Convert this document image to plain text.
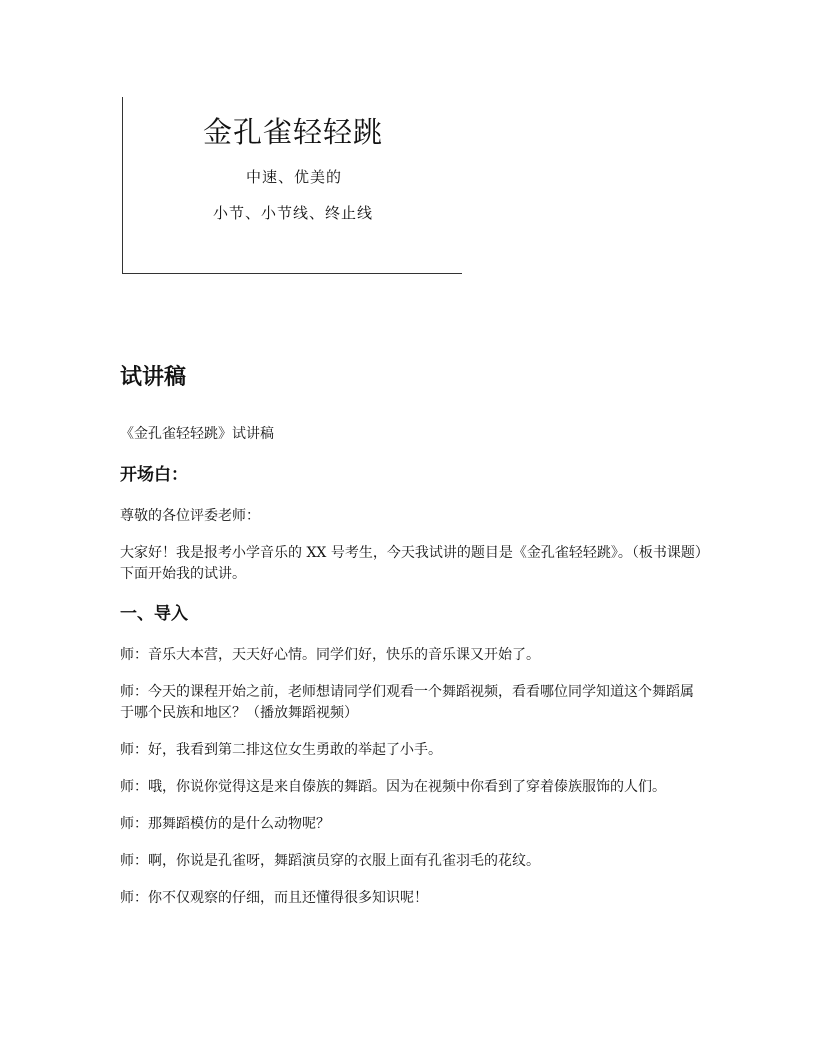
金孔雀轻轻跳
中速、优美的
小节、小节线、终止线
试讲稿
《金孔雀轻轻跳》试讲稿
开场白：
尊敬的各位评委老师：
大家好！我是报考小学音乐的 XX 号考生，今天我试讲的题目是《金孔雀轻轻跳》。（板书课题）下面开始我的试讲。
一、导入
师：音乐大本营，天天好心情。同学们好，快乐的音乐课又开始了。
师：今天的课程开始之前，老师想请同学们观看一个舞蹈视频，看看哪位同学知道这个舞蹈属于哪个民族和地区？（播放舞蹈视频）
师：好，我看到第二排这位女生勇敢的举起了小手。
师：哦，你说你觉得这是来自傣族的舞蹈。因为在视频中你看到了穿着傣族服饰的人们。
师：那舞蹈模仿的是什么动物呢？
师：啊，你说是孔雀呀，舞蹈演员穿的衣服上面有孔雀羽毛的花纹。
师：你不仅观察的仔细，而且还懂得很多知识呢！
